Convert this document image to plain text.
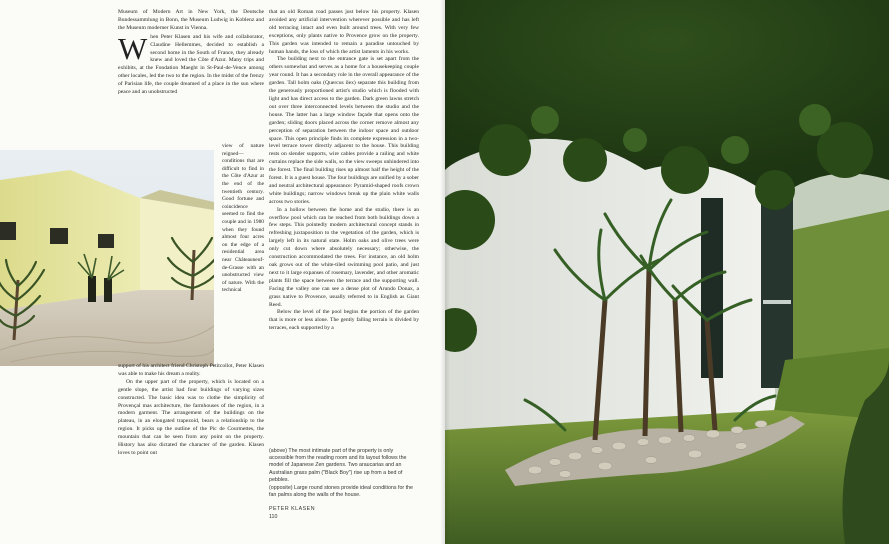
Museum of Modern Art in New York, the Deutsche Bundessammlung in Bonn, the Museum Ludwig in Koblenz and the Museum moderner Kunst in Vienna.

When Peter Klasen and his wife and collaborator, Claudine Hellemmes, decided to establish a second home in the South of France, they already knew and loved the Côte d'Azur. Many trips and exhibits, at the Fondation Maeght in St-Paul-de-Vence among other locales, led the two to the region. In the midst of the frenzy of Parisian life, the couple dreamed of a place in the sun where peace and an unobstructed

view of nature reigned—conditions that are difficult to find in the Côte d'Azur at the end of the twentieth century. Good fortune and coincidence seemed to find the couple and in 1980 when they found almost four acres on the edge of a residential area near Châteauneuf-de-Grasse with an unobstructed view of nature. With the technical

support of his architect friend Christoph Petitcollot, Peter Klasen was able to make his dream a reality.

On the upper part of the property, which is located on a gentle slope, the artist had four buildings of varying sizes constructed. The basic idea was to clothe the simplicity of Provençal mas architecture, the farmhouses of the region, in a modern garment. The arrangement of the buildings on the plateau, in an elongated trapezoid, bears a relationship to the region. It picks up the outline of the Pic de Courmettes, the mountain that can be seen from any point on the property. History has also dictated the character of the garden. Klasen loves to point out

that an old Roman road passes just below his property. Klasen avoided any artificial intervention wherever possible and has left old terracing intact and even built around trees. With very few exceptions, only plants native to Provence grow on the property. This garden was intended to remain a paradise untouched by human hands, the loss of which the artist laments in his works.

The building next to the entrance gate is set apart from the others somewhat and serves as a home for a housekeeping couple year round. It has a secondary role in the overall appearance of the garden. Tall holm oaks (Quercus ilex) separate this building from the generously proportioned artist's studio which is flooded with light and has direct access to the garden. Dark green lawns stretch out over three interconnected levels between the studio and the house. The latter has a large window façade that opens onto the garden; sliding doors placed across the corner remove almost any perception of separation between the indoor space and outdoor space. This open principle finds its complete expression in a two-level terrace tower directly adjacent to the house. This building rests on slender supports, wire cables provide a railing and white curtains replace the side walls, so the view sweeps unhindered into the forest. The final building rises up almost half the height of the forest. It is a guest house. The four buildings are unified by a sober and neutral architectural appearance: Pyramid-shaped roofs crown white buildings; narrow windows break up the plain white walls across two stories.

In a hollow between the home and the studio, there is an overflow pool which can be reached from both buildings down a few steps. This pointedly modern architectural concept stands in refreshing juxtaposition to the vegetation of the garden, which is largely left in its natural state. Holm oaks and olive trees were only cut down where absolutely necessary; otherwise, the construction accommodated the trees. For instance, an old holm oak grows out of the white-tiled swimming pool patio, and just next to it large expanses of rosemary, lavender, and other aromatic plants fill the space between the terrace and the supporting wall. Facing the valley one can see a dense plot of Arundo Donax, a grass native to Provence, usually referred to in English as Giant Reed.

Below the level of the pool begins the portion of the garden that is more or less alone. The gently falling terrain is divided by terraces, each supported by a

(above) The most intimate part of the property is only accessible from the reading room and its layout follows the model of Japanese Zen gardens. Two araucarias and an Australian grass palm ("Black Boy") rise up from a bed of pebbles.

(opposite) Large round stones provide ideal conditions for the fan palms along the walls of the house.

PETER KLASEN
110
